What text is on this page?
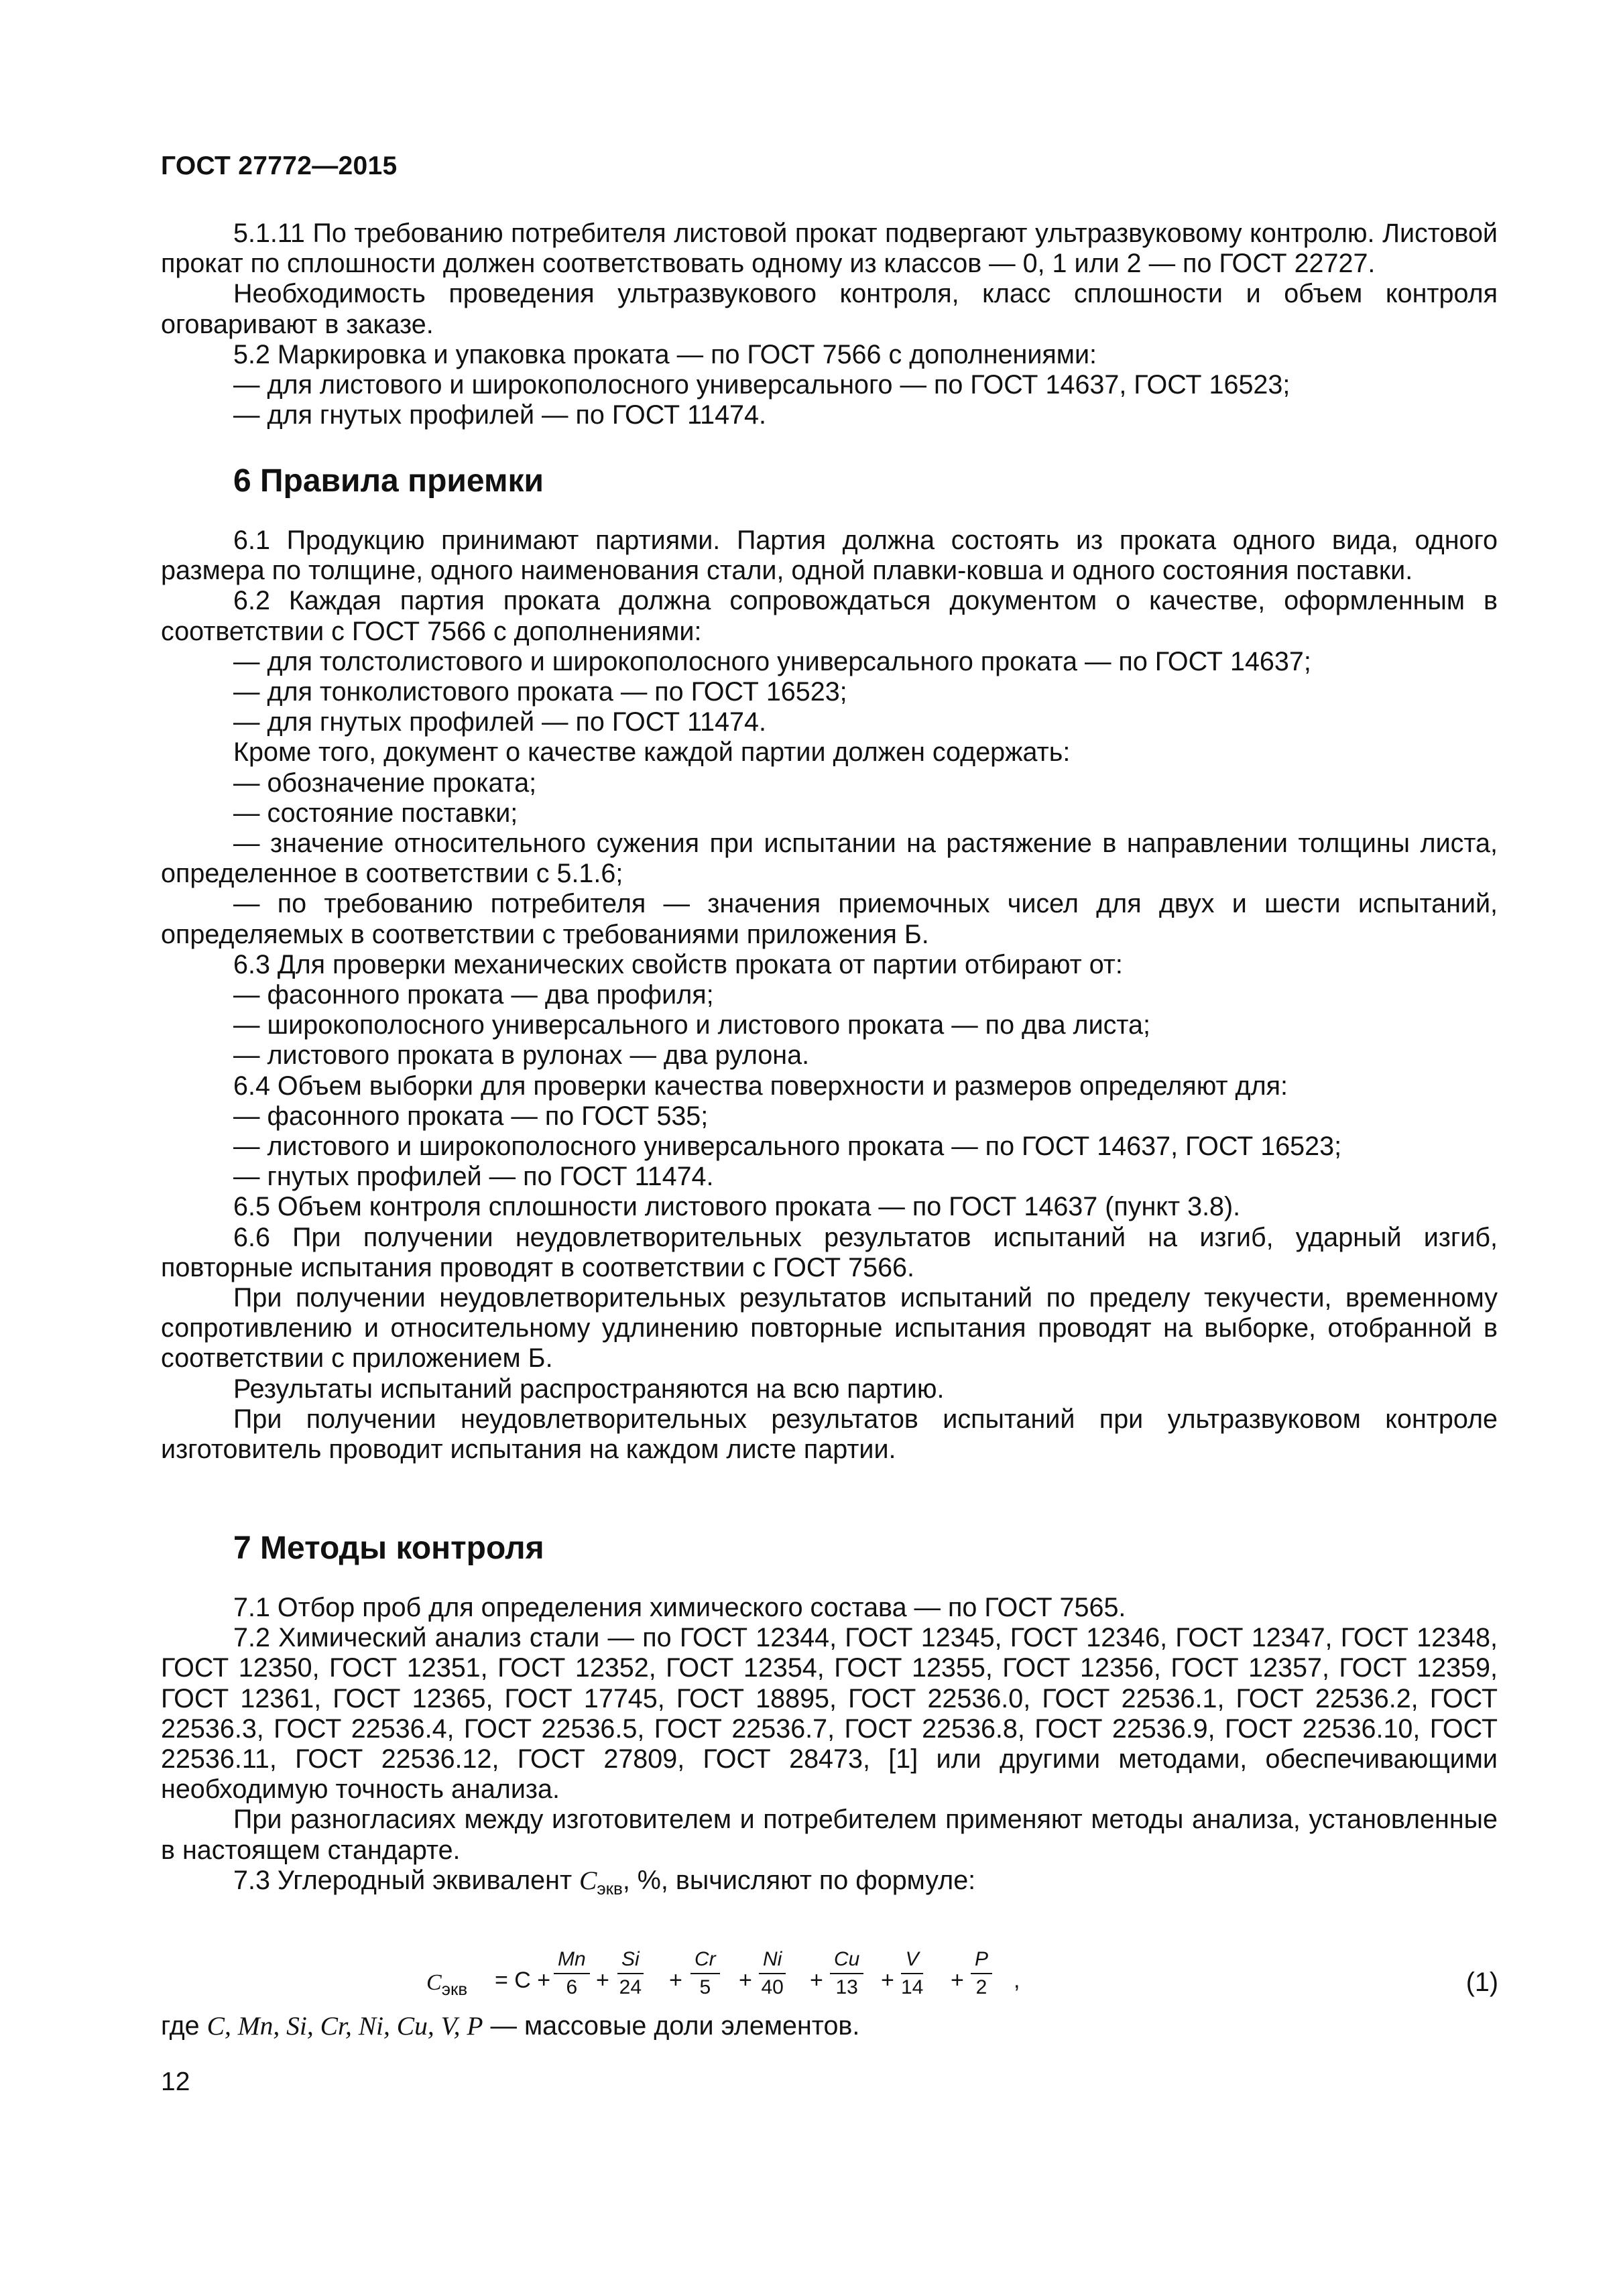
ГОСТ 27772—2015

5.1.11 По требованию потребителя листовой прокат подвергают ультразвуковому контролю. Листовой прокат по сплошности должен соответствовать одному из классов — 0, 1 или 2 — по ГОСТ 22727.

Необходимость проведения ультразвукового контроля, класс сплошности и объем контроля оговаривают в заказе.

5.2 Маркировка и упаковка проката — по ГОСТ 7566 с дополнениями:

— для листового и широкополосного универсального — по ГОСТ 14637, ГОСТ 16523;

— для гнутых профилей — по ГОСТ 11474.

6 Правила приемки

6.1 Продукцию принимают партиями. Партия должна состоять из проката одного вида, одного размера по толщине, одного наименования стали, одной плавки-ковша и одного состояния поставки.

6.2 Каждая партия проката должна сопровождаться документом о качестве, оформленным в соответствии с ГОСТ 7566 с дополнениями:

— для толстолистового и широкополосного универсального проката — по ГОСТ 14637;

— для тонколистового проката — по ГОСТ 16523;

— для гнутых профилей — по ГОСТ 11474.

Кроме того, документ о качестве каждой партии должен содержать:

— обозначение проката;

— состояние поставки;

— значение относительного сужения при испытании на растяжение в направлении толщины листа, определенное в соответствии с 5.1.6;

— по требованию потребителя — значения приемочных чисел для двух и шести испытаний, определяемых в соответствии с требованиями приложения Б.

6.3 Для проверки механических свойств проката от партии отбирают от:

— фасонного проката — два профиля;

— широкополосного универсального и листового проката — по два листа;

— листового проката в рулонах — два рулона.

6.4 Объем выборки для проверки качества поверхности и размеров определяют для:

— фасонного проката — по ГОСТ 535;

— листового и широкополосного универсального проката — по ГОСТ 14637, ГОСТ 16523;

— гнутых профилей — по ГОСТ 11474.

6.5 Объем контроля сплошности листового проката — по ГОСТ 14637 (пункт 3.8).

6.6 При получении неудовлетворительных результатов испытаний на изгиб, ударный изгиб, повторные испытания проводят в соответствии с ГОСТ 7566.

При получении неудовлетворительных результатов испытаний по пределу текучести, временному сопротивлению и относительному удлинению повторные испытания проводят на выборке, отобранной в соответствии с приложением Б.

Результаты испытаний распространяются на всю партию.

При получении неудовлетворительных результатов испытаний при ультразвуковом контроле изготовитель проводит испытания на каждом листе партии.

7 Методы контроля

7.1 Отбор проб для определения химического состава — по ГОСТ 7565.

7.2 Химический анализ стали — по ГОСТ 12344, ГОСТ 12345, ГОСТ 12346, ГОСТ 12347, ГОСТ 12348, ГОСТ 12350, ГОСТ 12351, ГОСТ 12352, ГОСТ 12354, ГОСТ 12355, ГОСТ 12356, ГОСТ 12357, ГОСТ 12359, ГОСТ 12361, ГОСТ 12365, ГОСТ 17745, ГОСТ 18895, ГОСТ 22536.0, ГОСТ 22536.1, ГОСТ 22536.2, ГОСТ 22536.3, ГОСТ 22536.4, ГОСТ 22536.5, ГОСТ 22536.7, ГОСТ 22536.8, ГОСТ 22536.9, ГОСТ 22536.10, ГОСТ 22536.11, ГОСТ 22536.12, ГОСТ 27809, ГОСТ 28473, [1] или другими методами, обеспечивающими необходимую точность анализа.

При разногласиях между изготовителем и потребителем применяют методы анализа, установленные в настоящем стандарте.

7.3 Углеродный эквивалент $C_{экв}$, %, вычисляют по формуле:

$C_{экв} = C + \frac{Mn}{6} + \frac{Si}{24} + \frac{Cr}{5} + \frac{Ni}{40} + \frac{Cu}{13} + \frac{V}{14} + \frac{P}{2}$ ,	(1)

где C, Mn, Si, Cr, Ni, Cu, V, P — массовые доли элементов.

12
